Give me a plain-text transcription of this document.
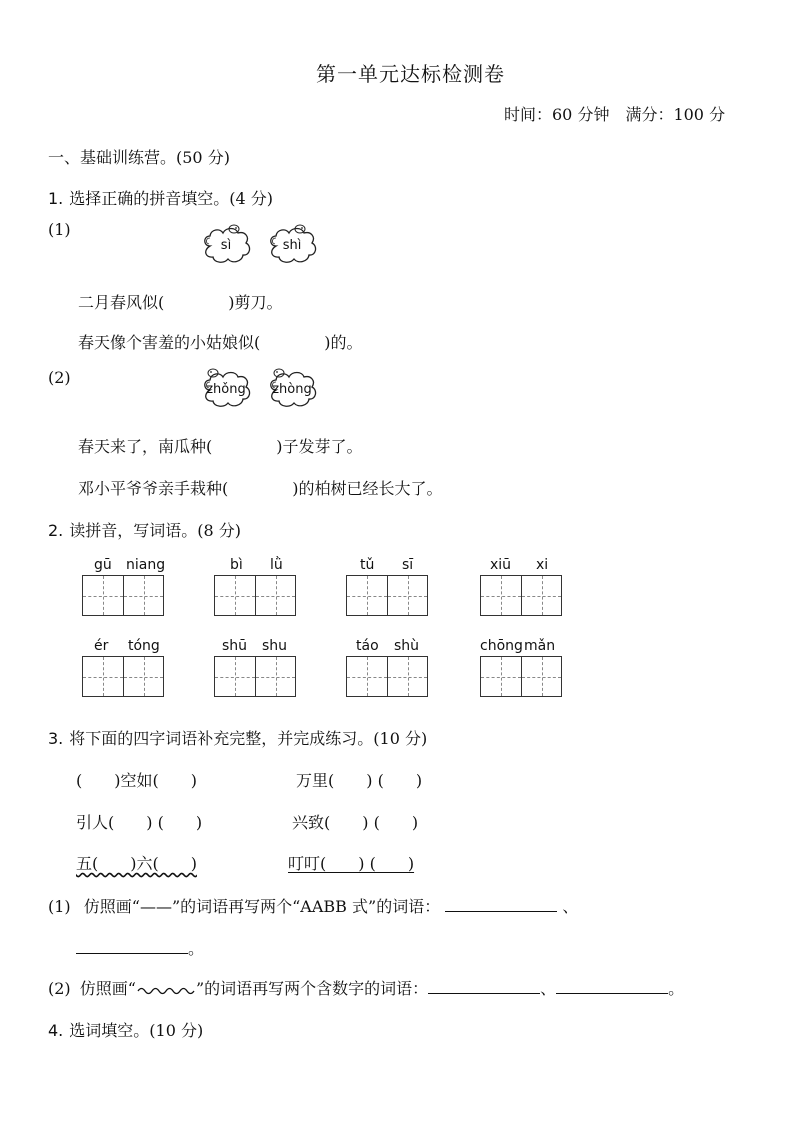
第一单元达标检测卷
时间：60 分钟　满分：100 分
一、基础训练营。(50 分)
1. 选择正确的拼音填空。(4 分)
(1)
sì	shì
二月春风似(　　　　)剪刀。
春天像个害羞的小姑娘似(　　　　)的。
(2)
zhǒng	zhòng
春天来了，南瓜种(　　　　)子发芽了。
邓小平爷爷亲手栽种(　　　　)的柏树已经长大了。
2. 读拼音，写词语。(8 分)
gū niang	bì lǜ	tǔ sī	xiū xi
ér tóng	shū shu	táo shù	chōng mǎn
3. 将下面的四字词语补充完整，并完成练习。(10 分)
(　　)空如(　　)	万里(　　) (　　)
引人(　　) (　　)	兴致(　　) (　　)
五(　　)六(　　)	叮叮(　　) (　　)
(1) 仿照画“——”的词语再写两个“AABB 式”的词语：	、
。
(2) 仿照画“	”的词语再写两个含数字的词语：	、	。
4. 选词填空。(10 分)
